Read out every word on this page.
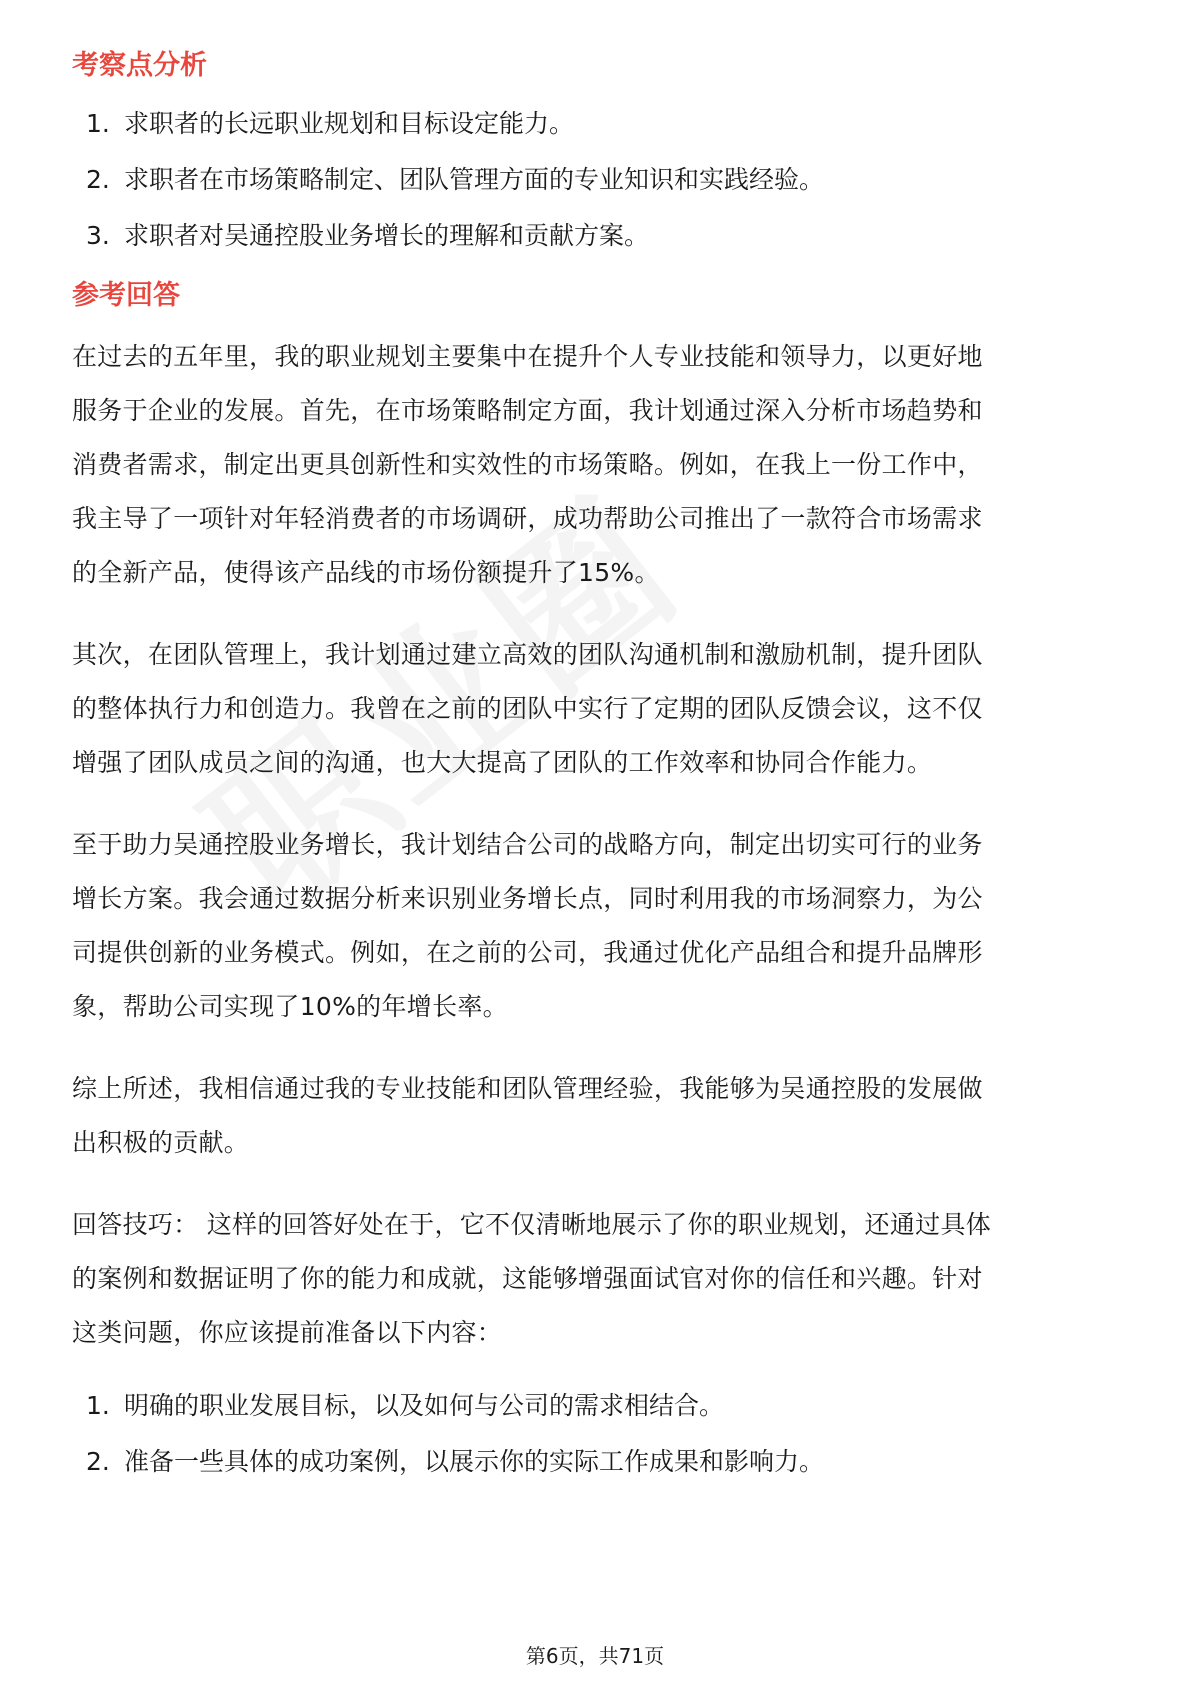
考察点分析
1. 求职者的长远职业规划和目标设定能力。
2. 求职者在市场策略制定、团队管理方面的专业知识和实践经验。
3. 求职者对吴通控股业务增长的理解和贡献方案。
参考回答
在过去的五年里，我的职业规划主要集中在提升个人专业技能和领导力，以更好地
服务于企业的发展。首先，在市场策略制定方面，我计划通过深入分析市场趋势和
消费者需求，制定出更具创新性和实效性的市场策略。例如，在我上一份工作中，
我主导了一项针对年轻消费者的市场调研，成功帮助公司推出了一款符合市场需求
的全新产品，使得该产品线的市场份额提升了15%。
其次，在团队管理上，我计划通过建立高效的团队沟通机制和激励机制，提升团队
的整体执行力和创造力。我曾在之前的团队中实行了定期的团队反馈会议，这不仅
增强了团队成员之间的沟通，也大大提高了团队的工作效率和协同合作能力。
至于助力吴通控股业务增长，我计划结合公司的战略方向，制定出切实可行的业务
增长方案。我会通过数据分析来识别业务增长点，同时利用我的市场洞察力，为公
司提供创新的业务模式。例如，在之前的公司，我通过优化产品组合和提升品牌形
象，帮助公司实现了10%的年增长率。
综上所述，我相信通过我的专业技能和团队管理经验，我能够为吴通控股的发展做
出积极的贡献。
回答技巧： 这样的回答好处在于，它不仅清晰地展示了你的职业规划，还通过具体
的案例和数据证明了你的能力和成就，这能够增强面试官对你的信任和兴趣。针对
这类问题，你应该提前准备以下内容：
1. 明确的职业发展目标，以及如何与公司的需求相结合。
2. 准备一些具体的成功案例，以展示你的实际工作成果和影响力。
第6页，共71页
